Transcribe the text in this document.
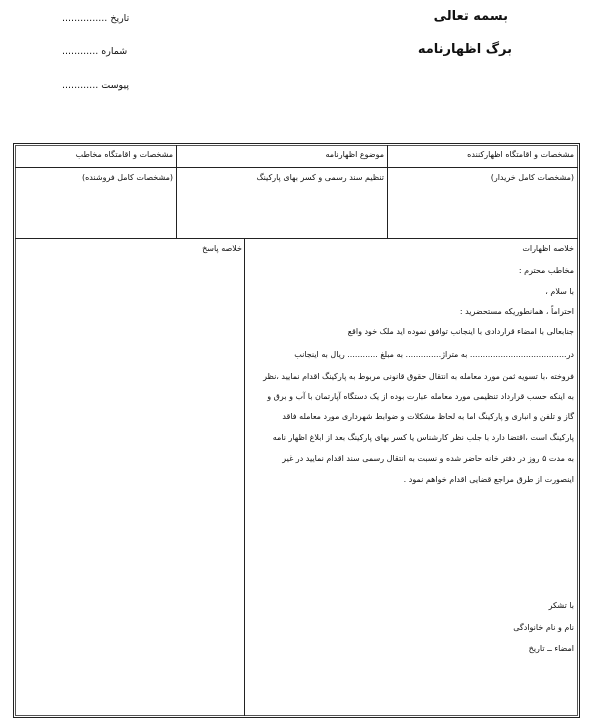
بسمه تعالی
برگ اظهارنامه
تاریخ ...............
شماره ............
پیوست ............
مشخصات و اقامتگاه اظهارکننده
موضوع اظهارنامه
مشخصات و اقامتگاه مخاطب
(مشخصات کامل خریدار)
تنظیم سند رسمی و کسر بهای پارکینگ
(مشخصات کامل فروشنده)
خلاصه اظهارات
خلاصه پاسخ
مخاطب محترم :
با سلام ،
احتراماً ، همانطوریکه مستحضرید :
جنابعالی با امضاء قراردادی با اینجانب توافق نموده اید ملک خود واقع
در...................................... به متراژ.............. به مبلغ ............ ریال به اینجانب
فروخته ،با تسویه ثمن مورد معامله به انتقال حقوق قانونی مربوط به پارکینگ اقدام نمایید ،نظر
به اینکه حسب قرارداد تنظیمی مورد معامله عبارت بوده از یک دستگاه آپارتمان با آب و برق و
گاز و تلفن و انباری و پارکینگ اما به لحاظ مشکلات و ضوابط شهرداری مورد معامله فاقد
پارکینگ است ،اقتضا دارد با جلب نظر کارشناس یا کسر بهای پارکینگ بعد از ابلاغ اظهار نامه
به مدت ۵ روز در دفتر خانه حاضر شده و نسبت به انتقال رسمی سند اقدام نمایید در غیر
اینصورت از طرق مراجع قضایی اقدام خواهم نمود .
با تشکر
نام و نام خانوادگی
امضاء ــ تاریخ
